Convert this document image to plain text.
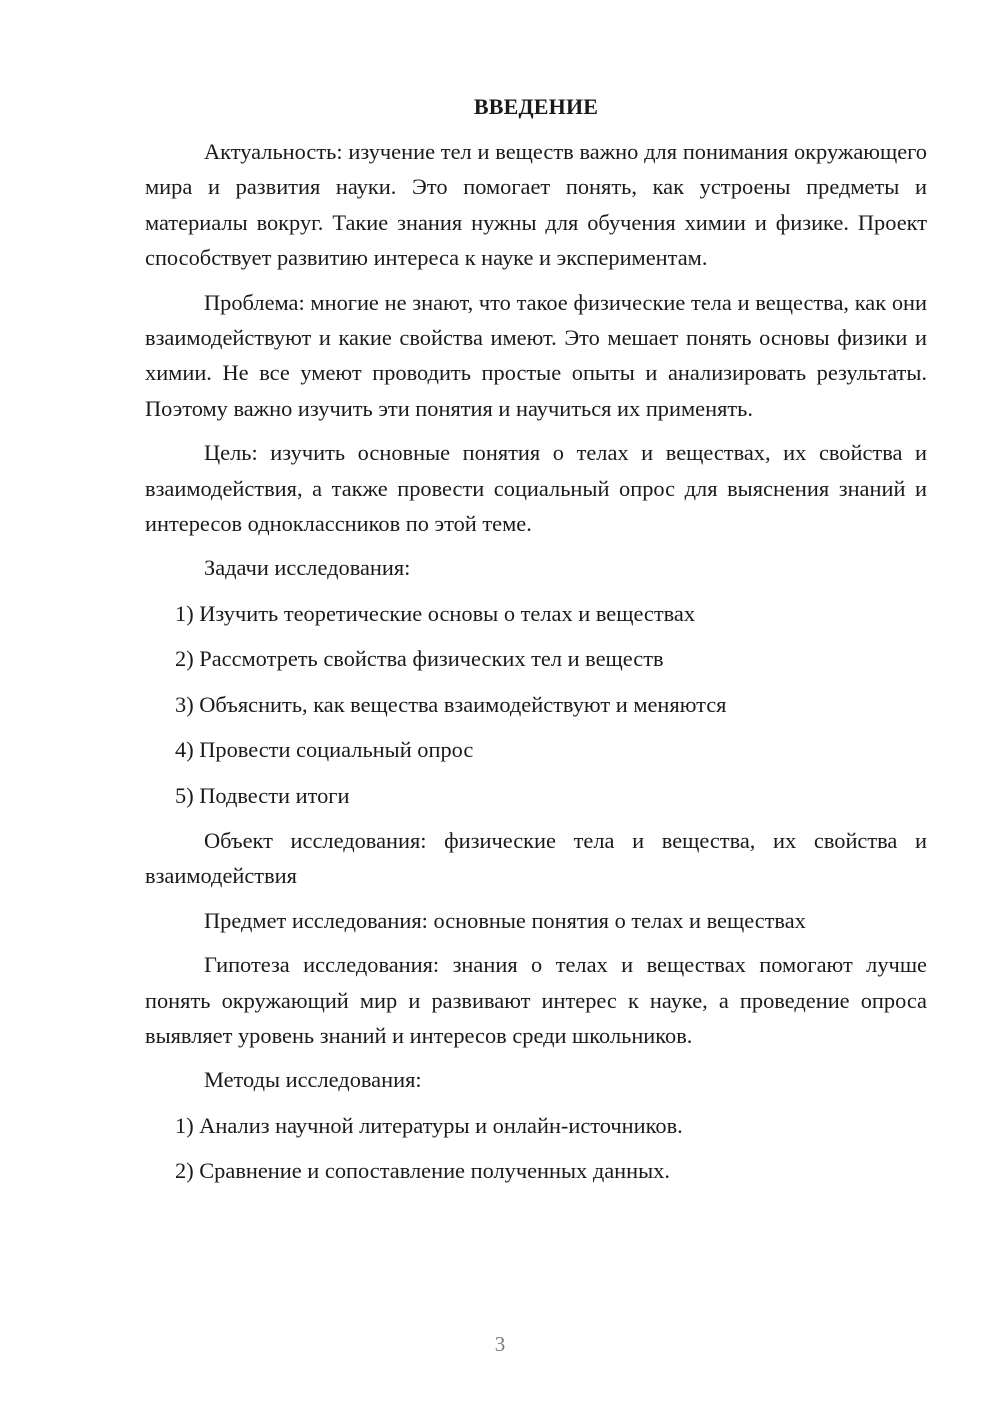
ВВЕДЕНИЕ

Актуальность: изучение тел и веществ важно для понимания окружающего мира и развития науки. Это помогает понять, как устроены предметы и материалы вокруг. Такие знания нужны для обучения химии и физике. Проект способствует развитию интереса к науке и экспериментам.

Проблема: многие не знают, что такое физические тела и вещества, как они взаимодействуют и какие свойства имеют. Это мешает понять основы физики и химии. Не все умеют проводить простые опыты и анализировать результаты. Поэтому важно изучить эти понятия и научиться их применять.

Цель: изучить основные понятия о телах и веществах, их свойства и взаимодействия, а также провести социальный опрос для выяснения знаний и интересов одноклассников по этой теме.

Задачи исследования:

1) Изучить теоретические основы о телах и веществах
2) Рассмотреть свойства физических тел и веществ
3) Объяснить, как вещества взаимодействуют и меняются
4) Провести социальный опрос
5) Подвести итоги

Объект исследования: физические тела и вещества, их свойства и взаимодействия

Предмет исследования: основные понятия о телах и веществах

Гипотеза исследования: знания о телах и веществах помогают лучше понять окружающий мир и развивают интерес к науке, а проведение опроса выявляет уровень знаний и интересов среди школьников.

Методы исследования:

1) Анализ научной литературы и онлайн-источников.
2) Сравнение и сопоставление полученных данных.
3
